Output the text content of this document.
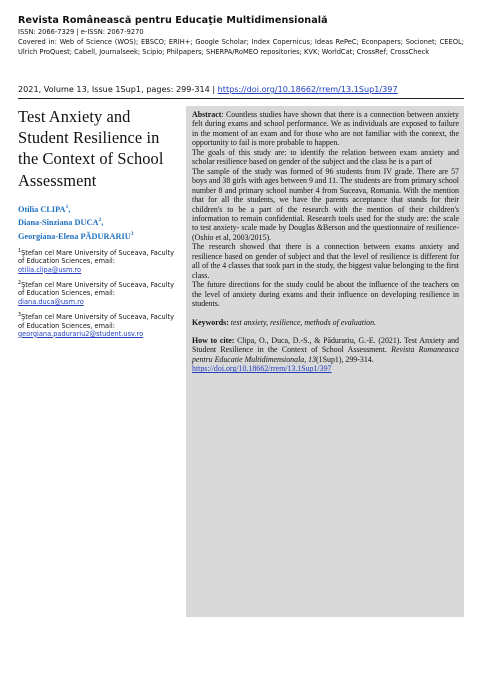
Revista Românească pentru Educaţie Multidimensională
ISSN: 2066-7329 | e-ISSN: 2067-9270
Covered in: Web of Science (WOS); EBSCO; ERIH+; Google Scholar; Index Copernicus; Ideas RePeC; Econpapers; Socionet; CEEOL; Ulrich ProQuest; Cabell, Journalseek; Scipio; Philpapers; SHERPA/RoMEO repositories; KVK; WorldCat; CrossRef; CrossCheck
2021, Volume 13, Issue 1Sup1, pages: 299-314 | https://doi.org/10.18662/rrem/13.1Sup1/397
Test Anxiety and Student Resilience in the Context of School Assessment
Otilia CLIPA$^1$,
Diana-Sînziana DUCA$^2$,
Georgiana-Elena PĂDURARIU$^3$
$^1$Ştefan cel Mare University of Suceava, Faculty of Education Sciences, email: otilia.clipa@usm.ro
$^2$Ştefan cel Mare University of Suceava, Faculty of Education Sciences, email: diana.duca@usm.ro
$^3$Ştefan cel Mare University of Suceava, Faculty of Education Sciences, email: georgiana.padurariu2@student.usv.ro

Abstract: Countless studies have shown that there is a connection between anxiety felt during exams and school performance. We as individuals are exposed to failure in the moment of an exam and for those who are not familiar with the context, the opportunity to fail is more probable to happen.

The goals of this study are: to identify the relation between exam anxiety and scholar resilience based on gender of the subject and the class he is a part of

The sample of the study was formed of 96 students from IV grade. There are 57 boys and 38 girls with ages between 9 and 11. The students are from primary school number 8 and primary school number 4 from Suceava, Romania. With the mention that for all the students, we have the parents acceptance that stands for their children's to be a part of the research with the mention of their children's information to remain confidential. Research tools used for the study are: the scale to test anxiety- scale made by Douglas &Berson and the questionnaire of resilience-(Oshio et al, 2003/2015).

The research showed that there is a connection between exams anxiety and resilience based on gender of subject and that the level of resilience is different for all of the 4 classes that took part in the study, the biggest value belonging to the first class.

The future directions for the study could be about the influence of the teachers on the level of anxiety during exams and their influence on developing resilience in students.

Keywords: test anxiety, resilience, methods of evaluation.

How to cite: Clipa, O., Duca, D.-S., & Pădurariu, G.-E. (2021). Test Anxiety and Student Resilience in the Context of School Assessment. Revista Romaneasca pentru Educatie Multidimensionala, 13(1Sup1), 299-314.
https://doi.org/10.18662/rrem/13.1Sup1/397
